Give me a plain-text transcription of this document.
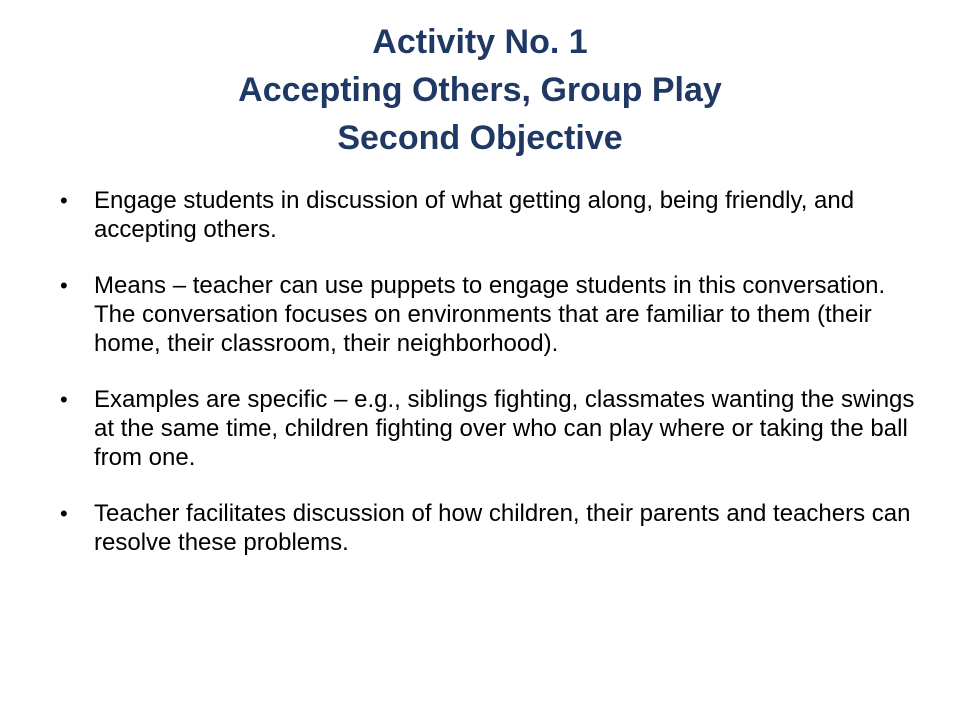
Activity No. 1
Accepting Others, Group Play
Second Objective
•	Engage students in discussion of what getting along, being friendly, and accepting others.
•	Means – teacher can use puppets to engage students in this conversation. The conversation focuses on environments that are familiar to them (their home, their classroom, their neighborhood).
•	Examples are specific – e.g., siblings fighting, classmates wanting the swings at the same time, children fighting over who can play where or taking the ball from one.
•	Teacher facilitates discussion of how children, their parents and teachers can resolve these problems.
